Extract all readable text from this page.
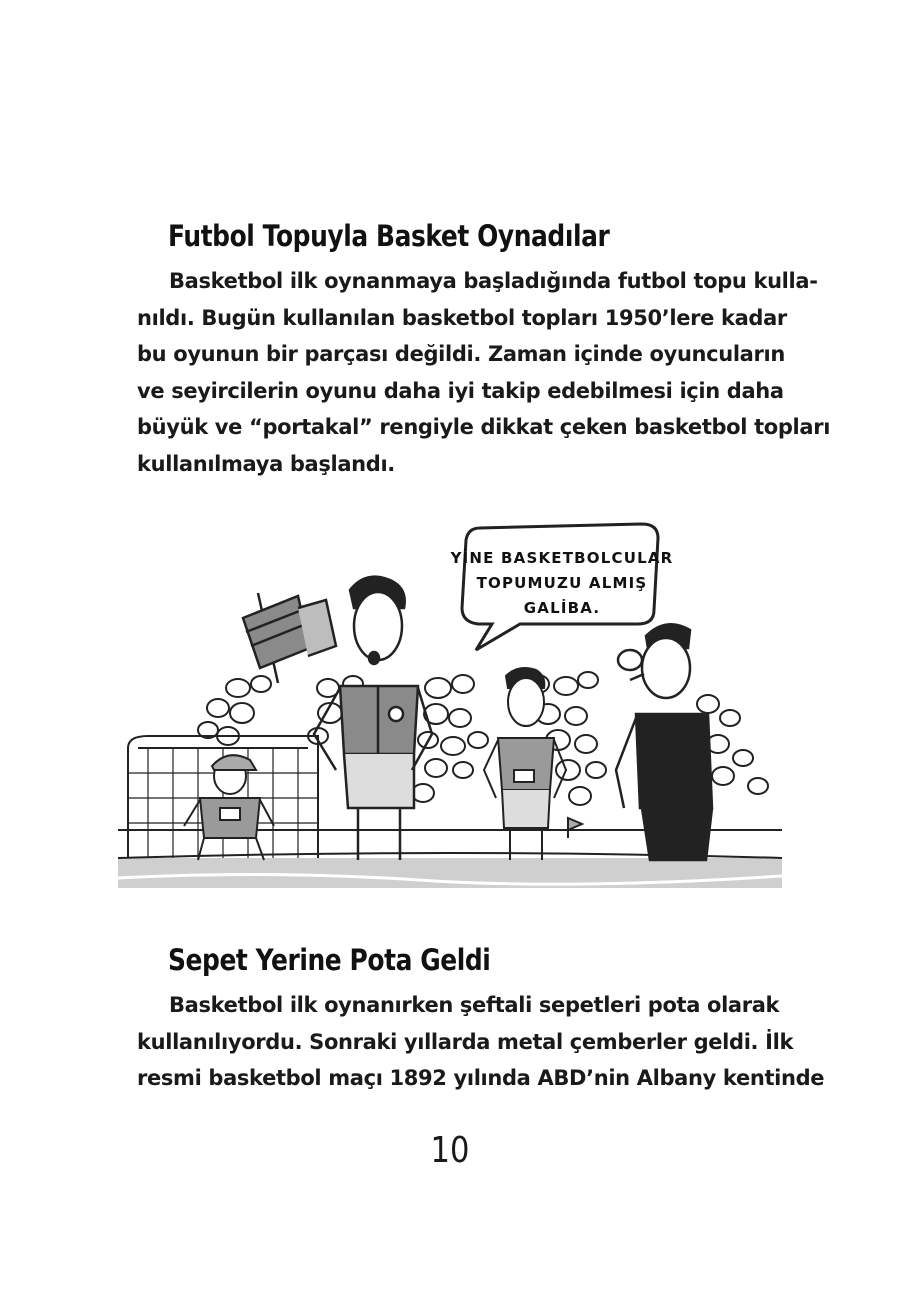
Futbol Topuyla Basket Oynadılar
Basketbol ilk oynanmaya başladığında futbol topu kulla-
nıldı. Bugün kullanılan basketbol topları 1950’lere kadar
bu oyunun bir parçası değildi. Zaman içinde oyuncuların
ve seyircilerin oyunu daha iyi takip edebilmesi için daha
büyük ve “portakal” rengiyle dikkat çeken basketbol topları
kullanılmaya başlandı.
YİNE BASKETBOLCULAR
TOPUMUZU ALMIŞ
GALİBA.
Sepet Yerine Pota Geldi
Basketbol ilk oynanırken şeftali sepetleri pota olarak
kullanılıyordu. Sonraki yıllarda metal çemberler geldi. İlk
resmi basketbol maçı 1892 yılında ABD’nin Albany kentinde
10
